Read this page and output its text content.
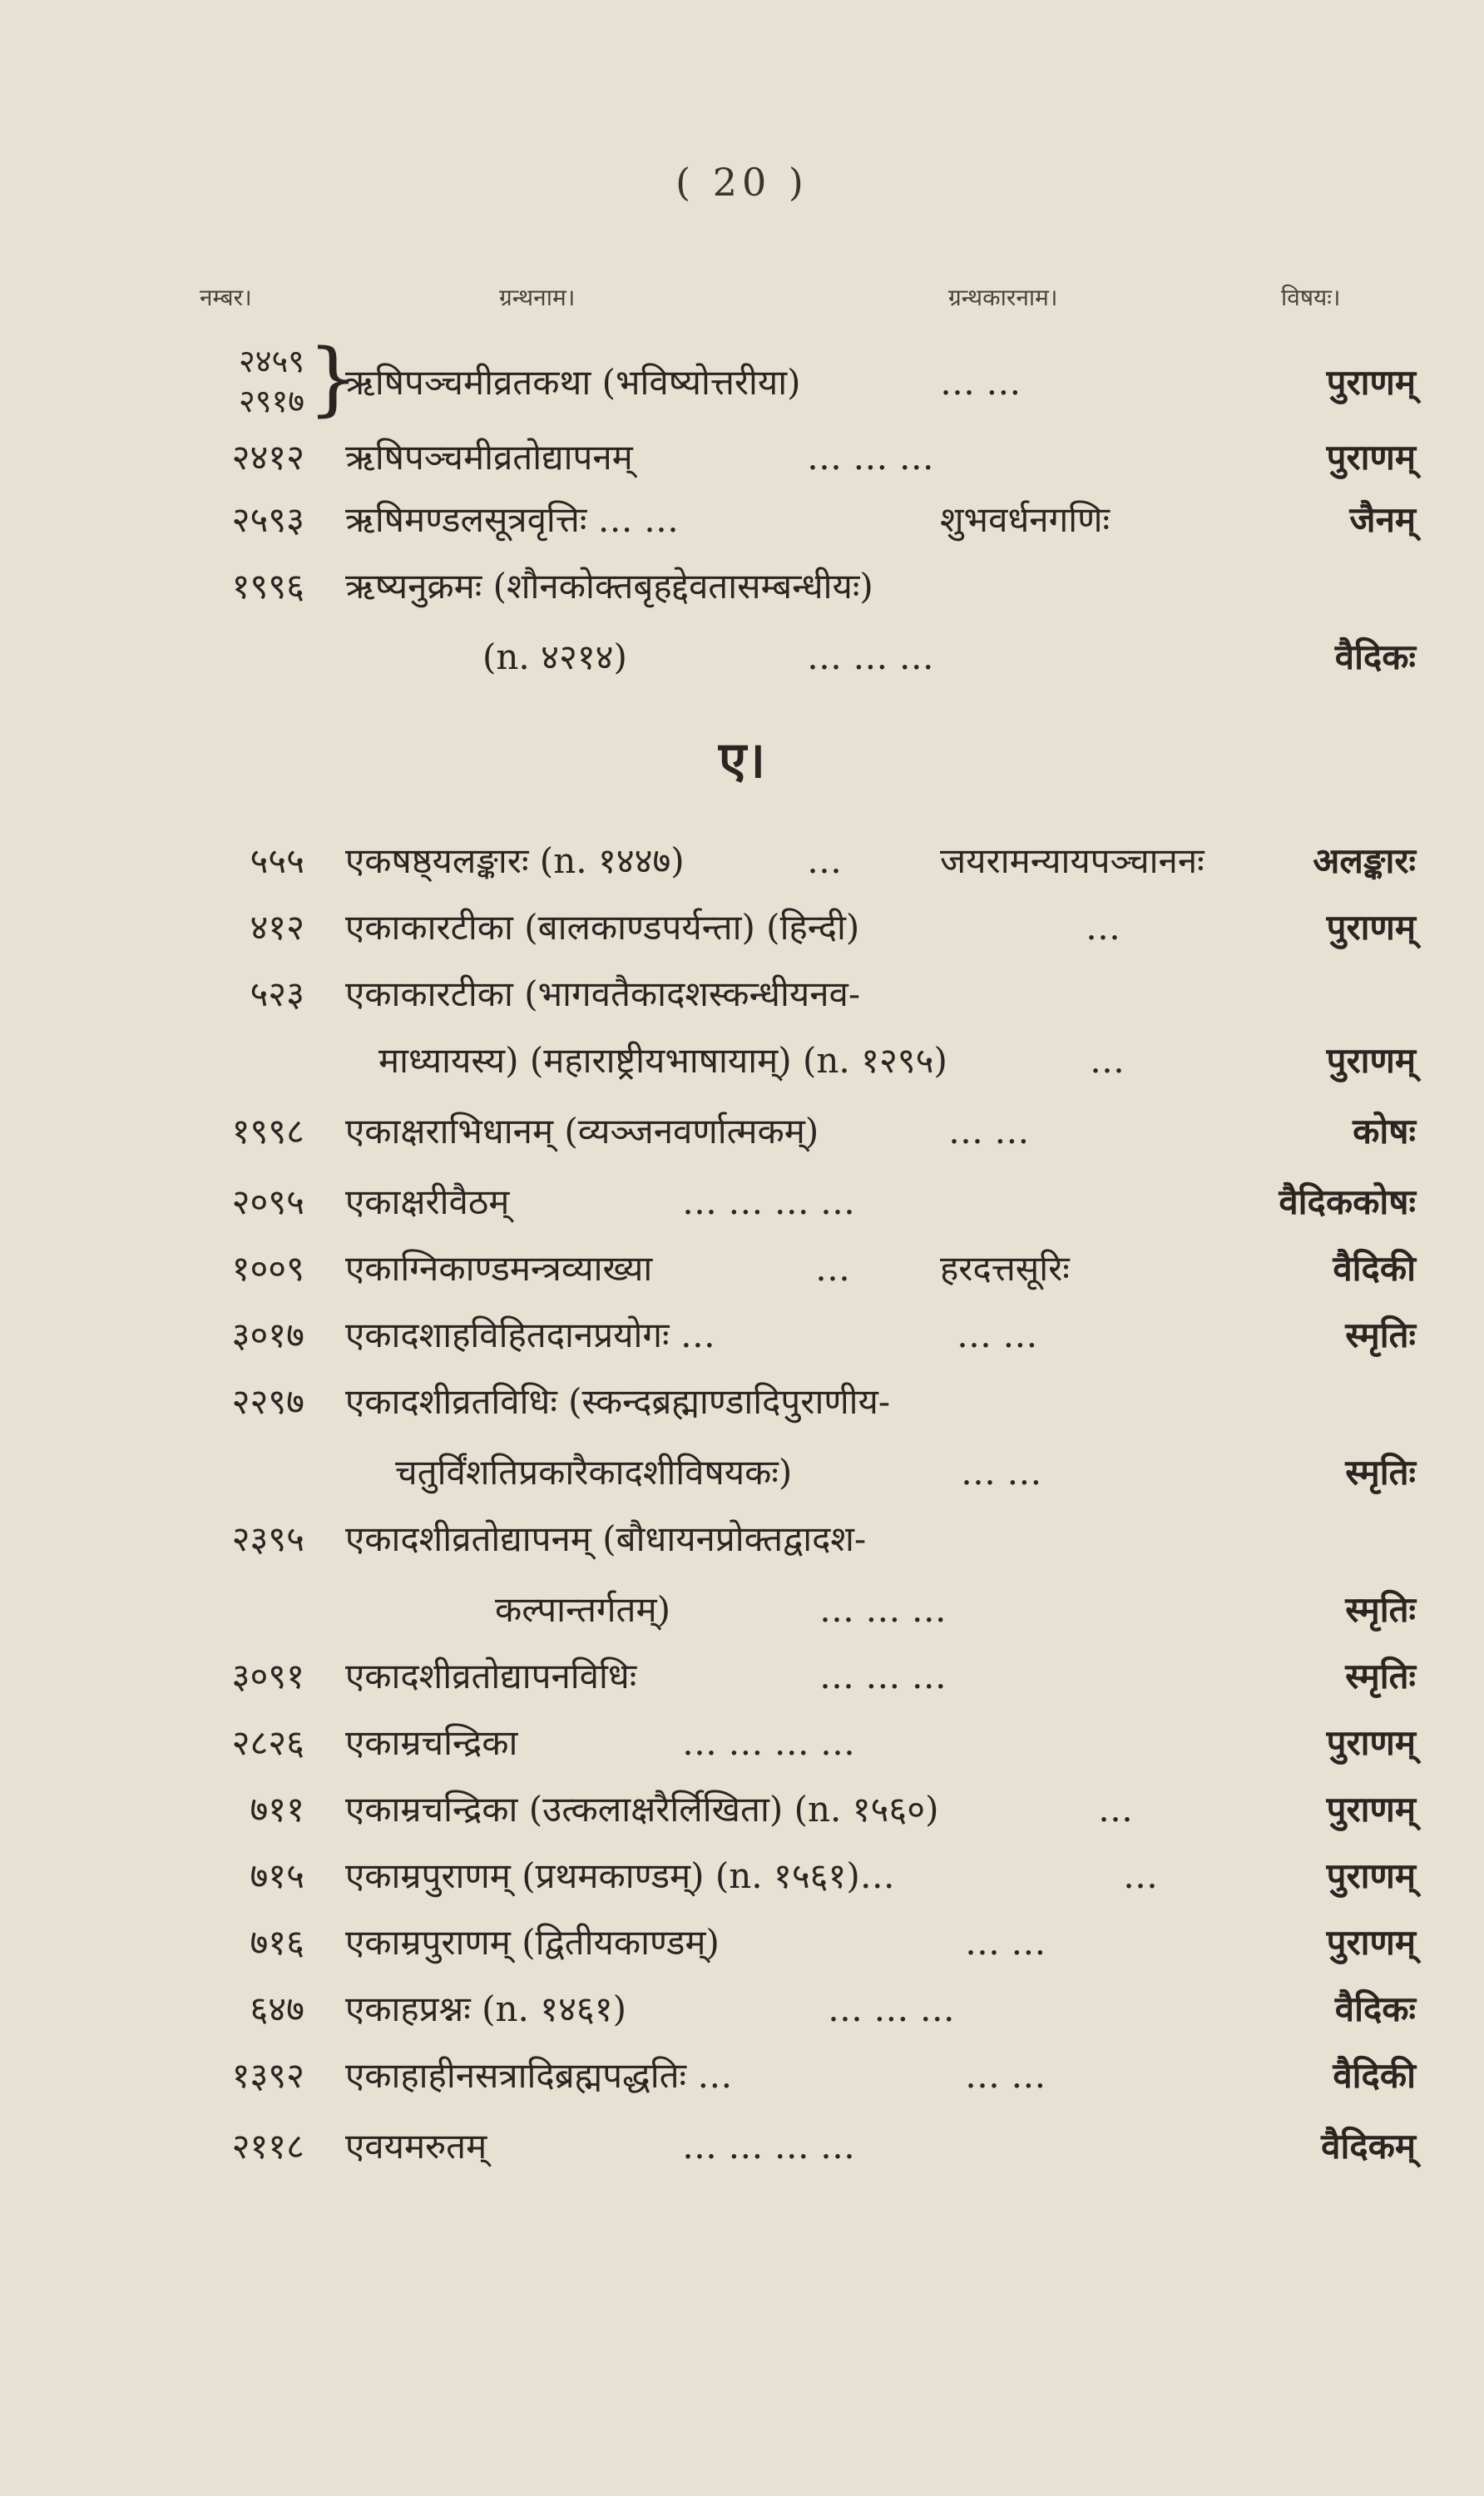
( 20 )
नम्बर।	ग्रन्थनाम।	ग्रन्थकारनाम।	विषयः।
२४५९
२९१७ }
ऋषिपञ्चमीव्रतकथा (भविष्योत्तरीया)	… …	पुराणम्
२४१२ ऋषिपञ्चमीव्रतोद्यापनम्	… … …	पुराणम्
२५९३ ऋषिमण्डलसूत्रवृत्तिः … …	शुभवर्धनगणिः	जैनम्
१९९६ ऋष्यनुक्रमः (शौनकोक्तबृहद्देवतासम्बन्धीयः)
(n. ४२१४)	… … …	वैदिकः
ए।
५५५ एकषष्ठ्यलङ्कारः (n. १४४७)	…	जयरामन्यायपञ्चाननः	अलङ्कारः
४१२ एकाकारटीका (बालकाण्डपर्यन्ता) (हिन्दी)	…	पुराणम्
५२३ एकाकारटीका (भागवतैकादशस्कन्धीयनव-
माध्यायस्य) (महाराष्ट्रीयभाषायाम्) (n. १२९५)	…	पुराणम्
१९९८ एकाक्षराभिधानम् (व्यञ्जनवर्णात्मकम्)	… …	कोषः
२०९५ एकाक्षरीवैठम्	… … … …	वैदिककोषः
१००९ एकाग्निकाण्डमन्त्रव्याख्या	…	हरदत्तसूरिः	वैदिकी
३०१७ एकादशाहविहितदानप्रयोगः …	… …	स्मृतिः
२२९७ एकादशीव्रतविधिः (स्कन्दब्रह्माण्डादिपुराणीय-
चतुर्विंशतिप्रकारैकादशीविषयकः)	… …	स्मृतिः
२३९५ एकादशीव्रतोद्यापनम् (बौधायनप्रोक्तद्वादश-
कल्पान्तर्गतम्)	… … …	स्मृतिः
३०९१ एकादशीव्रतोद्यापनविधिः	… … …	स्मृतिः
२८२६ एकाम्रचन्द्रिका	… … … …	पुराणम्
७११ एकाम्रचन्द्रिका (उत्कलाक्षरैर्लिखिता) (n. १५६०)	…	पुराणम्
७१५ एकाम्रपुराणम् (प्रथमकाण्डम्) (n. १५६१)…	…	पुराणम्
७१६ एकाम्रपुराणम् (द्वितीयकाण्डम्)	… …	पुराणम्
६४७ एकाहप्रश्नः (n. १४६१)	… … …	वैदिकः
१३९२ एकाहाहीनसत्रादिब्रह्मपद्धतिः …	… …	वैदिकी
२११८ एवयमरुतम्	… … … …	वैदिकम्
